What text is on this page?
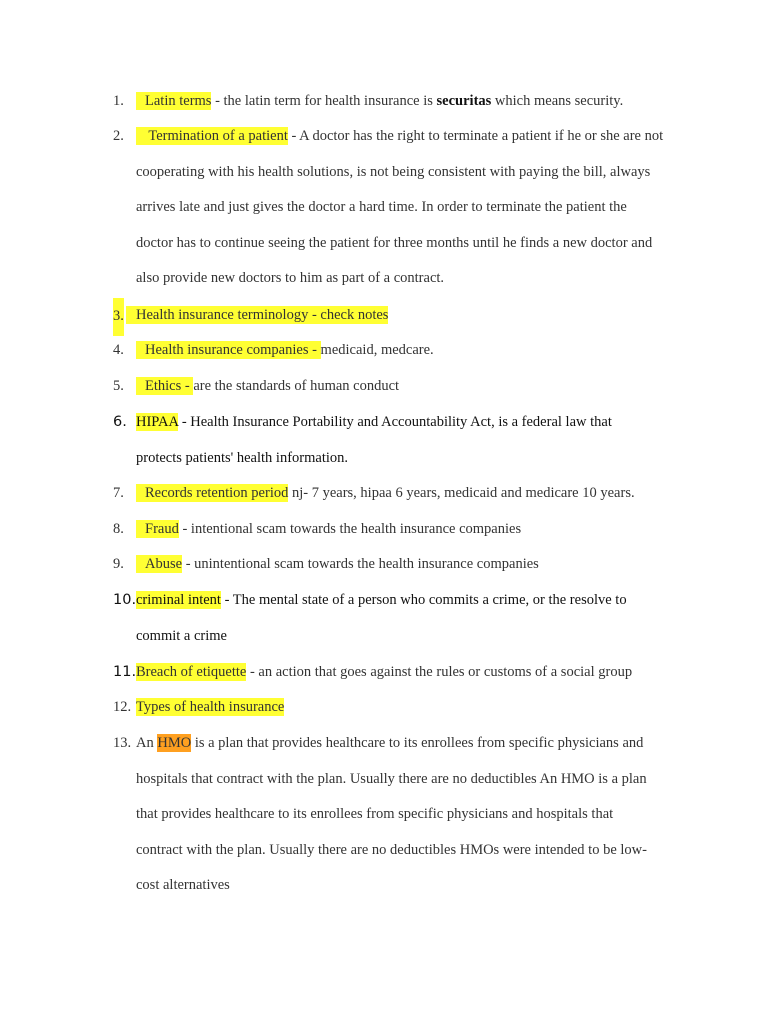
1. Latin terms - the latin term for health insurance is securitas which means security.
2.	Termination of a patient - A doctor has the right to terminate a patient if he or she are not
cooperating with his health solutions, is not being consistent with paying the bill, always
arrives late and just gives the doctor a hard time. In order to terminate the patient the
doctor has to continue seeing the patient for three months until he finds a new doctor and
also provide new doctors to him as part of a contract.
3. Health insurance terminology - check notes
4. Health insurance companies - medicaid, medcare.
5. Ethics - are the standards of human conduct
6. HIPAA - Health Insurance Portability and Accountability Act, is a federal law that
protects patients' health information.
7. Records retention period nj- 7 years, hipaa 6 years, medicaid and medicare 10 years.
8. Fraud - intentional scam towards the health insurance companies
9. Abuse - unintentional scam towards the health insurance companies
10. criminal intent - The mental state of a person who commits a crime, or the resolve to
commit a crime
11. Breach of etiquette - an action that goes against the rules or customs of a social group
12. Types of health insurance
13. An HMO is a plan that provides healthcare to its enrollees from specific physicians and
hospitals that contract with the plan. Usually there are no deductibles An HMO is a plan
that provides healthcare to its enrollees from specific physicians and hospitals that
contract with the plan. Usually there are no deductibles HMOs were intended to be low-
cost alternatives
